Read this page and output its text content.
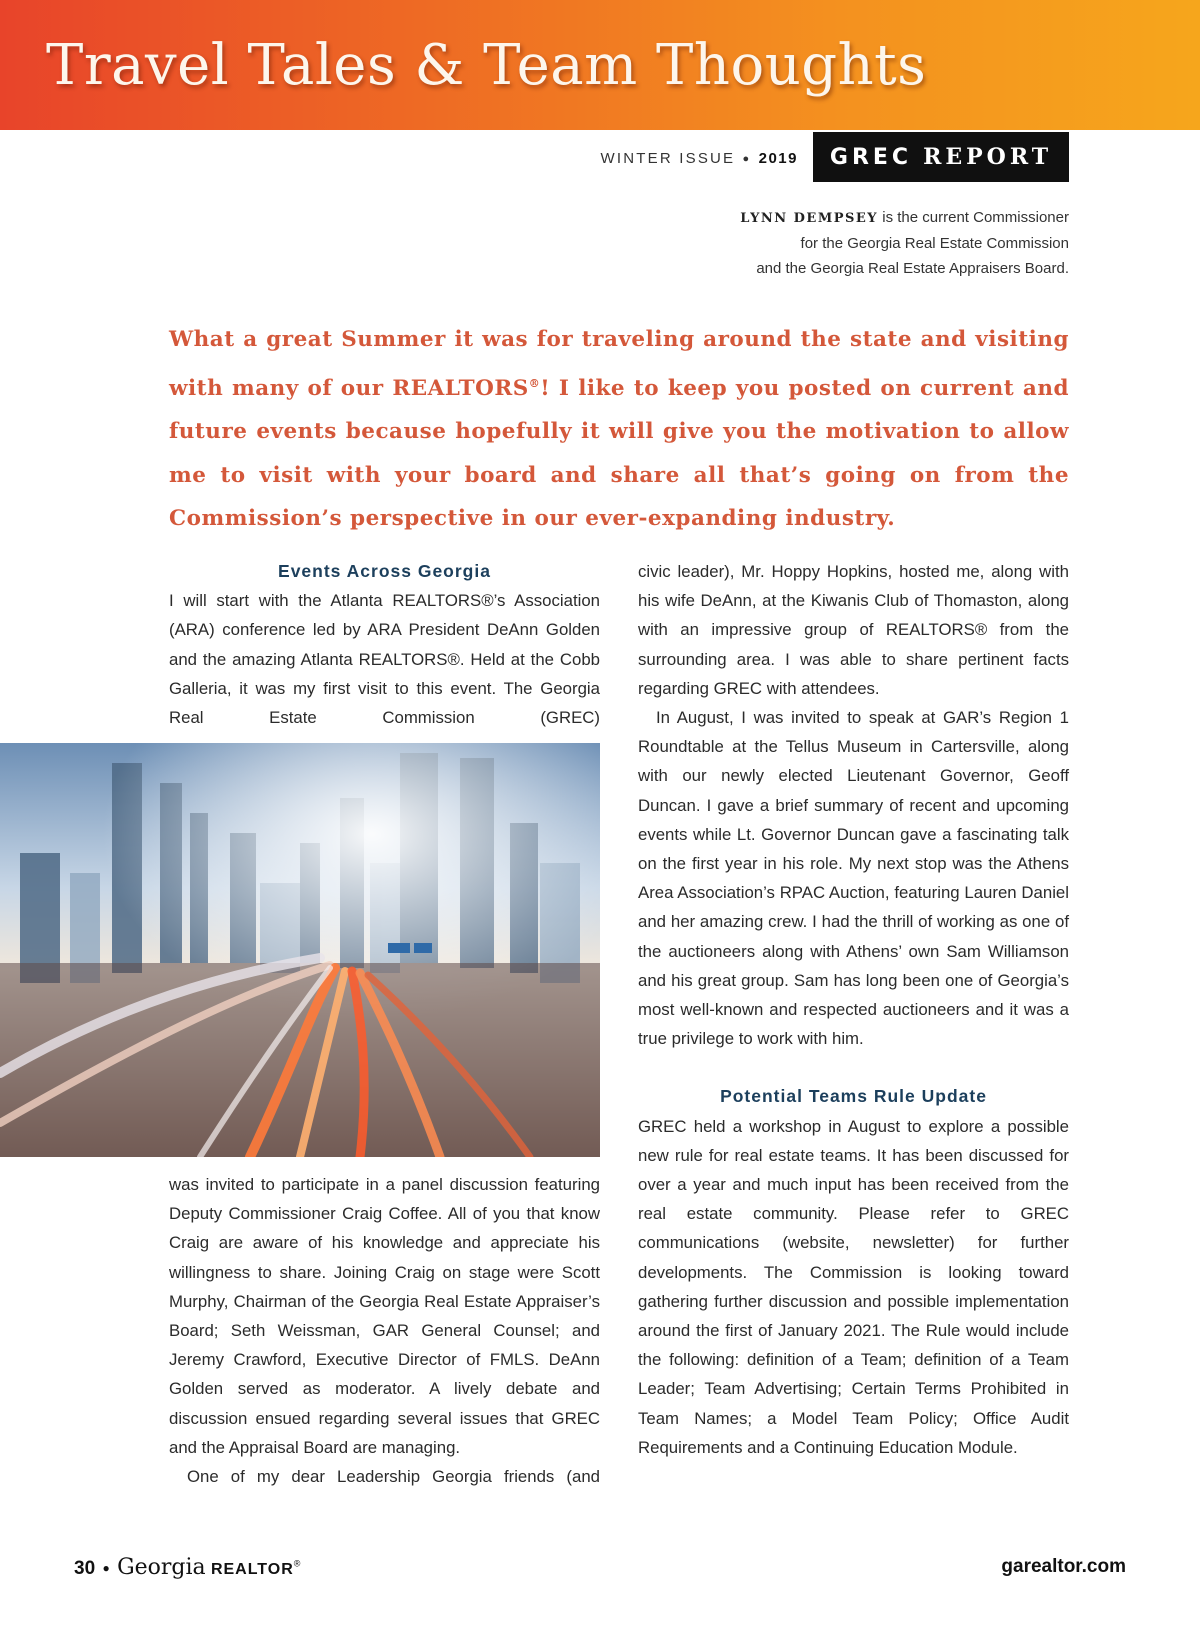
Travel Tales & Team Thoughts
WINTER ISSUE ● 2019	GREC REPORT
LYNN DEMPSEY is the current Commissioner
for the Georgia Real Estate Commission
and the Georgia Real Estate Appraisers Board.

What a great Summer it was for traveling around the state and visiting with many of our REALTORS®! I like to keep you posted on current and future events because hopefully it will give you the motivation to allow me to visit with your board and share all that’s going on from the Commission’s perspective in our ever-expanding industry.

Events Across Georgia

I will start with the Atlanta REALTORS®’s Association (ARA) conference led by ARA President DeAnn Golden and the amazing Atlanta REALTORS®. Held at the Cobb Galleria, it was my first visit to this event. The Georgia Real Estate Commission (GREC)

was invited to participate in a panel discussion featuring Deputy Commissioner Craig Coffee. All of you that know Craig are aware of his knowledge and appreciate his willingness to share. Joining Craig on stage were Scott Murphy, Chairman of the Georgia Real Estate Appraiser’s Board; Seth Weissman, GAR General Counsel; and Jeremy Crawford, Executive Director of FMLS. DeAnn Golden served as moderator. A lively debate and discussion ensued regarding several issues that GREC and the Appraisal Board are managing.

One of my dear Leadership Georgia friends (and

civic leader), Mr. Hoppy Hopkins, hosted me, along with his wife DeAnn, at the Kiwanis Club of Thomaston, along with an impressive group of REALTORS® from the surrounding area. I was able to share pertinent facts regarding GREC with attendees.

In August, I was invited to speak at GAR’s Region 1 Roundtable at the Tellus Museum in Cartersville, along with our newly elected Lieutenant Governor, Geoff Duncan. I gave a brief summary of recent and upcoming events while Lt. Governor Duncan gave a fascinating talk on the first year in his role. My next stop was the Athens Area Association’s RPAC Auction, featuring Lauren Daniel and her amazing crew. I had the thrill of working as one of the auctioneers along with Athens’ own Sam Williamson and his great group. Sam has long been one of Georgia’s most well-known and respected auctioneers and it was a true privilege to work with him.

Potential Teams Rule Update

GREC held a workshop in August to explore a possible new rule for real estate teams. It has been discussed for over a year and much input has been received from the real estate community. Please refer to GREC communications (website, newsletter) for further developments. The Commission is looking toward gathering further discussion and possible implementation around the first of January 2021. The Rule would include the following: definition of a Team; definition of a Team Leader; Team Advertising; Certain Terms Prohibited in Team Names; a Model Team Policy; Office Audit Requirements and a Continuing Education Module.

30 ● Georgia REALTOR®	garealtor.com
